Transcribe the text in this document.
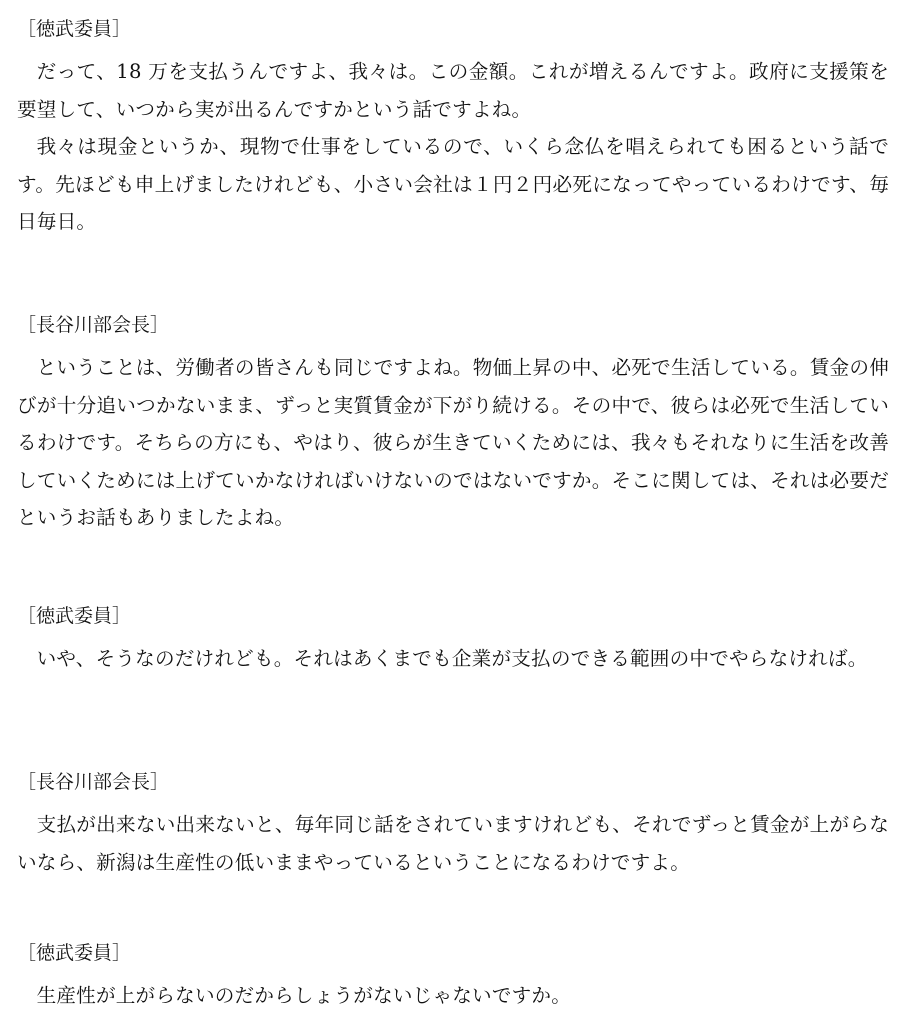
［徳武委員］

だって、18 万を支払うんですよ、我々は。この金額。これが増えるんですよ。政府に支援策を要望して、いつから実が出るんですかという話ですよね。

我々は現金というか、現物で仕事をしているので、いくら念仏を唱えられても困るという話です。先ほども申上げましたけれども、小さい会社は１円２円必死になってやっているわけです、毎日毎日。

［長谷川部会長］

ということは、労働者の皆さんも同じですよね。物価上昇の中、必死で生活している。賃金の伸びが十分追いつかないまま、ずっと実質賃金が下がり続ける。その中で、彼らは必死で生活しているわけです。そちらの方にも、やはり、彼らが生きていくためには、我々もそれなりに生活を改善していくためには上げていかなければいけないのではないですか。そこに関しては、それは必要だというお話もありましたよね。

［徳武委員］

いや、そうなのだけれども。それはあくまでも企業が支払のできる範囲の中でやらなければ。

［長谷川部会長］

支払が出来ない出来ないと、毎年同じ話をされていますけれども、それでずっと賃金が上がらないなら、新潟は生産性の低いままやっているということになるわけですよ。

［徳武委員］

生産性が上がらないのだからしょうがないじゃないですか。
